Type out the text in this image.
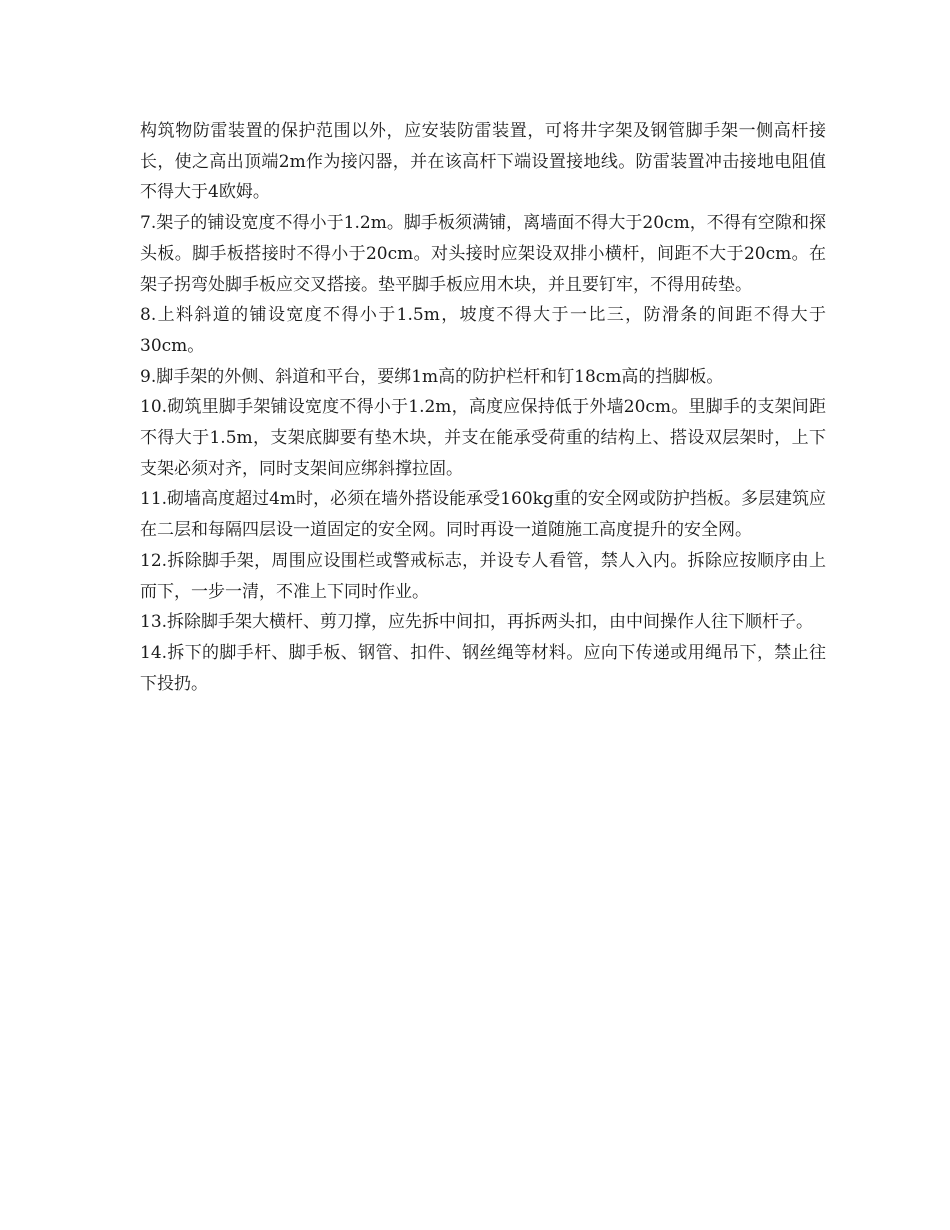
构筑物防雷装置的保护范围以外，应安装防雷装置，可将井字架及钢管脚手架一侧高杆接长，使之高出顶端2m作为接闪器，并在该高杆下端设置接地线。防雷装置冲击接地电阻值不得大于4欧姆。

7.架子的铺设宽度不得小于1.2m。脚手板须满铺，离墙面不得大于20cm，不得有空隙和探头板。脚手板搭接时不得小于20cm。对头接时应架设双排小横杆，间距不大于20cm。在架子拐弯处脚手板应交叉搭接。垫平脚手板应用木块，并且要钉牢，不得用砖垫。

8.上料斜道的铺设宽度不得小于1.5m，坡度不得大于一比三，防滑条的间距不得大于30cm。

9.脚手架的外侧、斜道和平台，要绑1m高的防护栏杆和钉18cm高的挡脚板。

10.砌筑里脚手架铺设宽度不得小于1.2m，高度应保持低于外墙20cm。里脚手的支架间距不得大于1.5m，支架底脚要有垫木块，并支在能承受荷重的结构上、搭设双层架时，上下支架必须对齐，同时支架间应绑斜撑拉固。

11.砌墙高度超过4m时，必须在墙外搭设能承受160kg重的安全网或防护挡板。多层建筑应在二层和每隔四层设一道固定的安全网。同时再设一道随施工高度提升的安全网。

12.拆除脚手架，周围应设围栏或警戒标志，并设专人看管，禁人入内。拆除应按顺序由上而下，一步一清，不准上下同时作业。

13.拆除脚手架大横杆、剪刀撑，应先拆中间扣，再拆两头扣，由中间操作人往下顺杆子。

14.拆下的脚手杆、脚手板、钢管、扣件、钢丝绳等材料。应向下传递或用绳吊下，禁止往下投扔。
